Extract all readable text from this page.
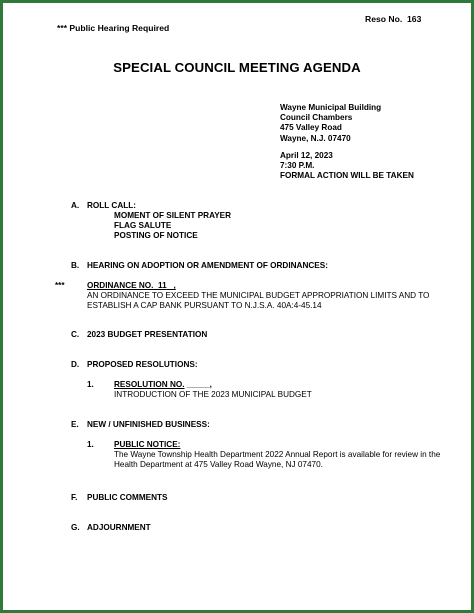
Reso No. 163
*** Public Hearing Required
SPECIAL COUNCIL MEETING AGENDA
Wayne Municipal Building
Council Chambers
475 Valley Road
Wayne, N.J. 07470
April 12, 2023
7:30 P.M.
FORMAL ACTION WILL BE TAKEN
A. ROLL CALL:
MOMENT OF SILENT PRAYER
FLAG SALUTE
POSTING OF NOTICE
B. HEARING ON ADOPTION OR AMENDMENT OF ORDINANCES:
***	ORDINANCE NO. 11 ,
AN ORDINANCE TO EXCEED THE MUNICIPAL BUDGET APPROPRIATION LIMITS AND TO ESTABLISH A CAP BANK PURSUANT TO N.J.S.A. 40A:4-45.14
C. 2023 BUDGET PRESENTATION
D. PROPOSED RESOLUTIONS:
1. RESOLUTION NO. _____,
INTRODUCTION OF THE 2023 MUNICIPAL BUDGET
E. NEW / UNFINISHED BUSINESS:
1. PUBLIC NOTICE:
The Wayne Township Health Department 2022 Annual Report is available for review in the Health Department at 475 Valley Road Wayne, NJ 07470.
F. PUBLIC COMMENTS
G. ADJOURNMENT
